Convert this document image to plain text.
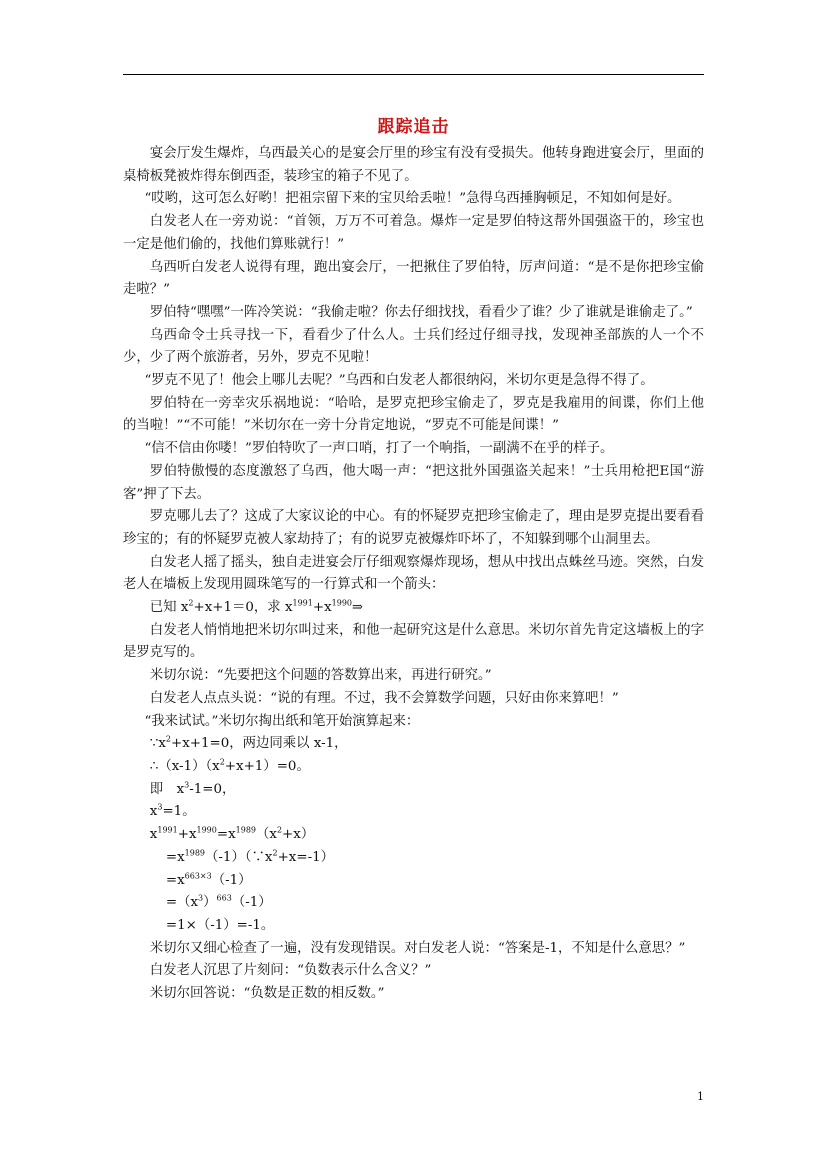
跟踪追击

宴会厅发生爆炸，乌西最关心的是宴会厅里的珍宝有没有受损失。他转身跑进宴会厅，里面的桌椅板凳被炸得东倒西歪，装珍宝的箱子不见了。

“哎哟，这可怎么好哟！把祖宗留下来的宝贝给丢啦！”急得乌西捶胸顿足，不知如何是好。

白发老人在一旁劝说：“首领，万万不可着急。爆炸一定是罗伯特这帮外国强盗干的，珍宝也一定是他们偷的，找他们算账就行！”

乌西听白发老人说得有理，跑出宴会厅，一把揪住了罗伯特，厉声问道：“是不是你把珍宝偷走啦？”

罗伯特“嘿嘿”一阵冷笑说：“我偷走啦？你去仔细找找，看看少了谁？少了谁就是谁偷走了。”

乌西命令士兵寻找一下，看看少了什么人。士兵们经过仔细寻找，发现神圣部族的人一个不少，少了两个旅游者，另外，罗克不见啦！

“罗克不见了！他会上哪儿去呢？”乌西和白发老人都很纳闷，米切尔更是急得不得了。

罗伯特在一旁幸灾乐祸地说：“哈哈，是罗克把珍宝偷走了，罗克是我雇用的间谍，你们上他的当啦！”“不可能！”米切尔在一旁十分肯定地说，“罗克不可能是间谍！”

“信不信由你喽！”罗伯特吹了一声口哨，打了一个响指，一副满不在乎的样子。

罗伯特傲慢的态度激怒了乌西，他大喝一声：“把这批外国强盗关起来！”士兵用枪把E国“游客”押了下去。

罗克哪儿去了？这成了大家议论的中心。有的怀疑罗克把珍宝偷走了，理由是罗克提出要看看珍宝的；有的怀疑罗克被人家劫持了；有的说罗克被爆炸吓坏了，不知躲到哪个山洞里去。

白发老人摇了摇头，独自走进宴会厅仔细观察爆炸现场，想从中找出点蛛丝马迹。突然，白发老人在墙板上发现用圆珠笔写的一行算式和一个箭头：

已知 $x^2+x+1=0$，求 $x^{1991}+x^{1990}\Rightarrow$

白发老人悄悄地把米切尔叫过来，和他一起研究这是什么意思。米切尔首先肯定这墙板上的字是罗克写的。

米切尔说：“先要把这个问题的答数算出来，再进行研究。”

白发老人点点头说：“说的有理。不过，我不会算数学问题，只好由你来算吧！”

“我来试试。”米切尔掏出纸和笔开始演算起来：

$\because x^2+x+1=0$，两边同乘以 x-1，

$\therefore(x-1)(x^2+x+1)=0$。

即　$x^3-1=0$，

$x^3=1$。

$x^{1991}+x^{1990}=x^{1989}(x^2+x)$

$=x^{1989}(-1)(\because x^2+x=-1)$

$=x^{663\times 3}(-1)$

$=(x^3)^{663}(-1)$

=1×（-1）=-1。

米切尔又细心检查了一遍，没有发现错误。对白发老人说：“答案是-1，不知是什么意思？”

白发老人沉思了片刻问：“负数表示什么含义？”

米切尔回答说：“负数是正数的相反数。”

1
